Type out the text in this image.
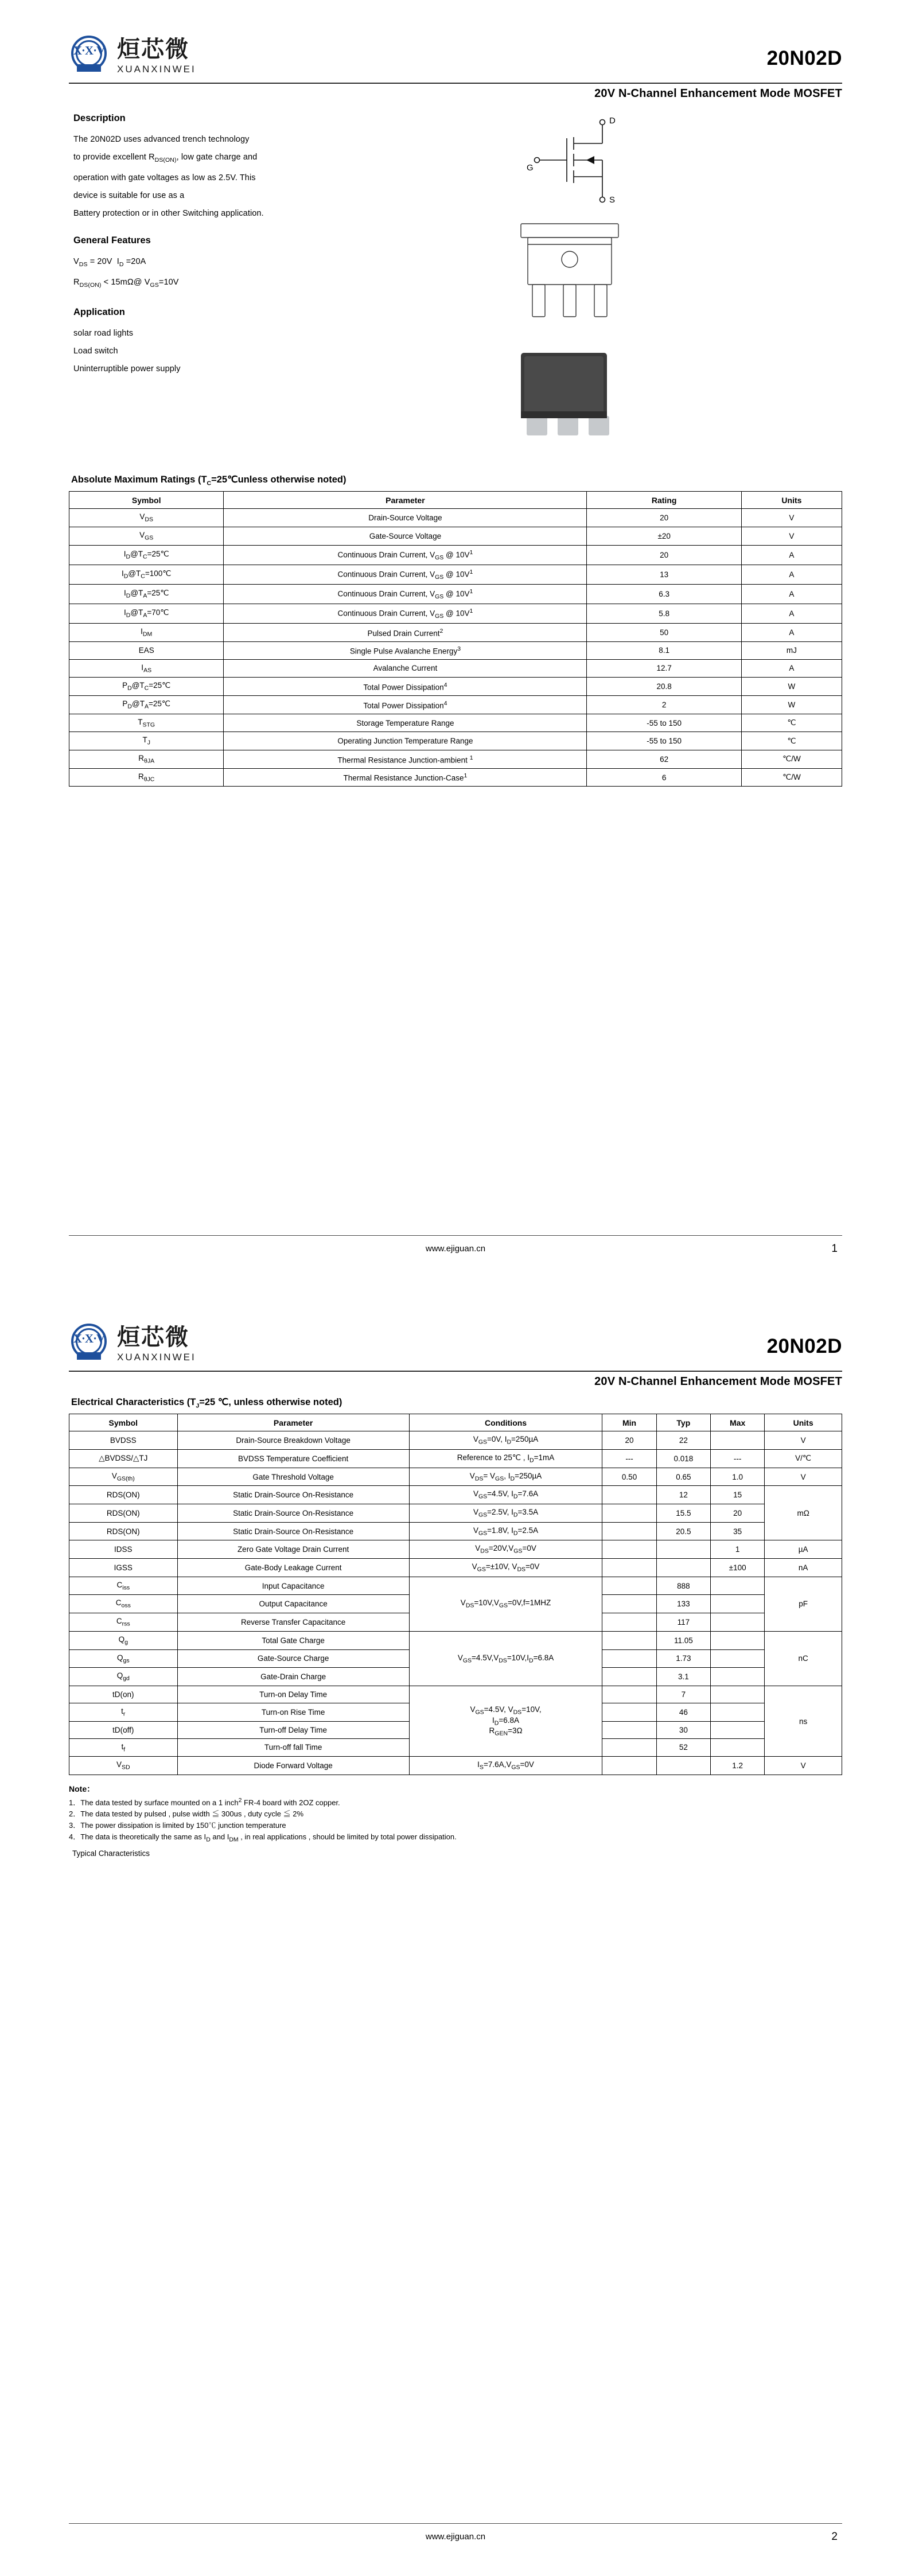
X·X·V 烜芯微
XUANXINWEI	20N02D
20V N-Channel Enhancement Mode MOSFET
Description
The 20N02D uses advanced trench technology
to provide excellent $R_{DS(ON)}$, low gate charge and
operation with gate voltages as low as 2.5V. This
device is suitable for use as a
Battery protection or in other Switching application.
General Features
$V_{DS} = 20V$  $I_D =20A$
$R_{DS(ON)}$ < 15mΩ@ $V_{GS}=10V$
Application
solar road lights
Load switch
Uninterruptible power supply
D
G
S
Absolute Maximum Ratings ($T_C=25℃unless$ otherwise noted)
Symbol	Parameter	Rating	Units
$V_{DS}$	Drain-Source Voltage	20	V
$V_{GS}$	Gate-Source Voltage	±20	V
$I_D@T_C=25℃$	Continuous Drain Current, $V_{GS}$ @ $10V^1$	20	A
$I_D@T_C=100℃$	Continuous Drain Current, $V_{GS}$ @ $10V^1$	13	A
$I_D@T_A=25℃$	Continuous Drain Current, $V_{GS}$ @ $10V^1$	6.3	A
$I_D@T_A=70℃$	Continuous Drain Current, $V_{GS}$ @ $10V^1$	5.8	A
$I_{DM}$	Pulsed Drain Current$^2$	50	A
EAS	Single Pulse Avalanche Energy$^3$	8.1	mJ
$I_{AS}$	Avalanche Current	12.7	A
$P_D@T_C=25℃$	Total Power Dissipation$^4$	20.8	W
$P_D@T_A=25℃$	Total Power Dissipation$^4$	2	W
$T_{STG}$	Storage Temperature Range	-55 to 150	℃
$T_J$	Operating Junction Temperature Range	-55 to 150	℃
$R_{\theta JA}$	Thermal Resistance Junction-ambient $^1$	62	℃/W
$R_{\theta JC}$	Thermal Resistance Junction-Case$^1$	6	℃/W
www.ejiguan.cn	1
X·X·V 烜芯微
XUANXINWEI	20N02D
20V N-Channel Enhancement Mode MOSFET
Electrical Characteristics ($T_J=25$ ℃, unless otherwise noted)
Symbol	Parameter	Conditions	Min	Typ	Max	Units
BVDSS	Drain-Source Breakdown Voltage	$V_{GS}=0V$, $I_D=250\mu A$	20	22		V
△BVDSS/△TJ	BVDSS Temperature Coefficient	Reference to 25℃ , $I_D=1mA$	---	0.018	---	V/℃
$V_{GS(th)}$	Gate Threshold Voltage	$V_{DS}= V_{GS}$, $I_D=250\mu A$	0.50	0.65	1.0	V
RDS(ON)	Static Drain-Source On-Resistance	$V_{GS}=4.5V$, $I_D=7.6A$		12	15	mΩ
RDS(ON)	Static Drain-Source On-Resistance	$V_{GS}=2.5V$, $I_D=3.5A$		15.5	20	
RDS(ON)	Static Drain-Source On-Resistance	$V_{GS}=1.8V$, $I_D=2.5A$		20.5	35	
IDSS	Zero Gate Voltage Drain Current	$V_{DS}=20V,V_{GS}=0V$			1	µA
IGSS	Gate-Body Leakage Current	$V_{GS}=\pm 10V$, $V_{DS}=0V$			±100	nA
$C_{iss}$	Input Capacitance	$V_{DS}=10V,V_{GS}=0V,f=1MHZ$		888		pF
$C_{oss}$	Output Capacitance			133		
$C_{rss}$	Reverse Transfer Capacitance			117		
$Q_g$	Total Gate Charge	$V_{GS}=4.5V,V_{DS}=10V,I_D=6.8A$		11.05		nC
$Q_{gs}$	Gate-Source Charge			1.73		
$Q_{gd}$	Gate-Drain Charge			3.1		
tD(on)	Turn-on Delay Time	$V_{GS}=4.5V$, $V_{DS}=10V$,
$I_D=6.8A$
$R_{GEN}=3\Omega$		7		ns
$t_r$	Turn-on Rise Time			46		
tD(off)	Turn-off Delay Time			30		
$t_f$	Turn-off fall Time			52		
$V_{SD}$	Diode Forward Voltage	$I_S=7.6A,V_{GS}=0V$			1.2	V
Note：
1．The data tested by surface mounted on a 1 inch$^2$ FR-4 board with 2OZ copper.
2．The data tested by pulsed , pulse width ≦ 300us , duty cycle ≦ 2%
3．The power dissipation is limited by 150℃ junction temperature
4．The data is theoretically the same as $I_D$ and $I_{DM}$ , in real applications , should be limited by total power dissipation.
Typical Characteristics
www.ejiguan.cn	2
